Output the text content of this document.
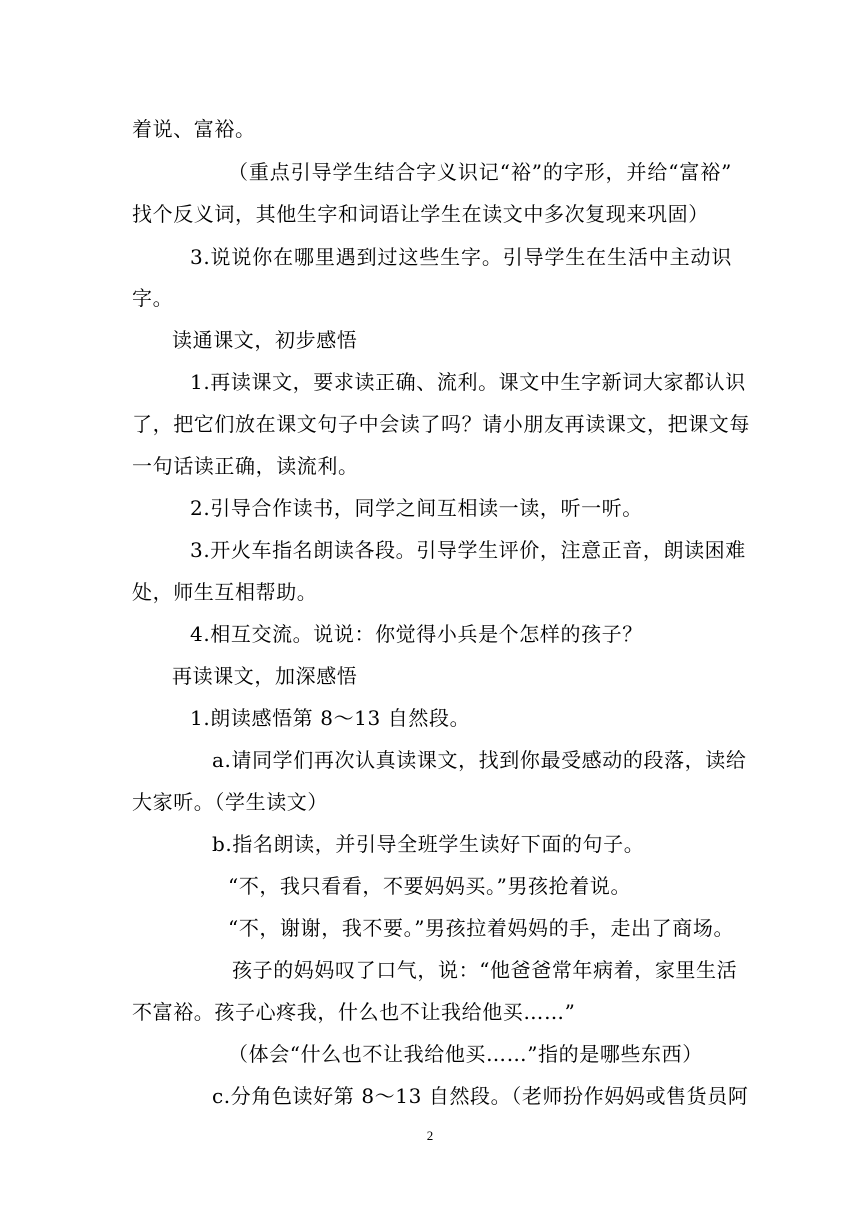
着说、富裕。
（重点引导学生结合字义识记“裕”的字形，并给“富裕”
找个反义词，其他生字和词语让学生在读文中多次复现来巩固）
3.说说你在哪里遇到过这些生字。引导学生在生活中主动识
字。
读通课文，初步感悟
1.再读课文，要求读正确、流利。课文中生字新词大家都认识
了，把它们放在课文句子中会读了吗？请小朋友再读课文，把课文每
一句话读正确，读流利。
2.引导合作读书，同学之间互相读一读，听一听。
3.开火车指名朗读各段。引导学生评价，注意正音，朗读困难
处，师生互相帮助。
4.相互交流。说说：你觉得小兵是个怎样的孩子？
再读课文，加深感悟
1.朗读感悟第 8～13 自然段。
a.请同学们再次认真读课文，找到你最受感动的段落，读给
大家听。（学生读文）
b.指名朗读，并引导全班学生读好下面的句子。
“不，我只看看，不要妈妈买。”男孩抢着说。
“不，谢谢，我不要。”男孩拉着妈妈的手，走出了商场。
孩子的妈妈叹了口气，说：“他爸爸常年病着，家里生活
不富裕。孩子心疼我，什么也不让我给他买……”
（体会“什么也不让我给他买……”指的是哪些东西）
c.分角色读好第 8～13 自然段。（老师扮作妈妈或售货员阿
2
